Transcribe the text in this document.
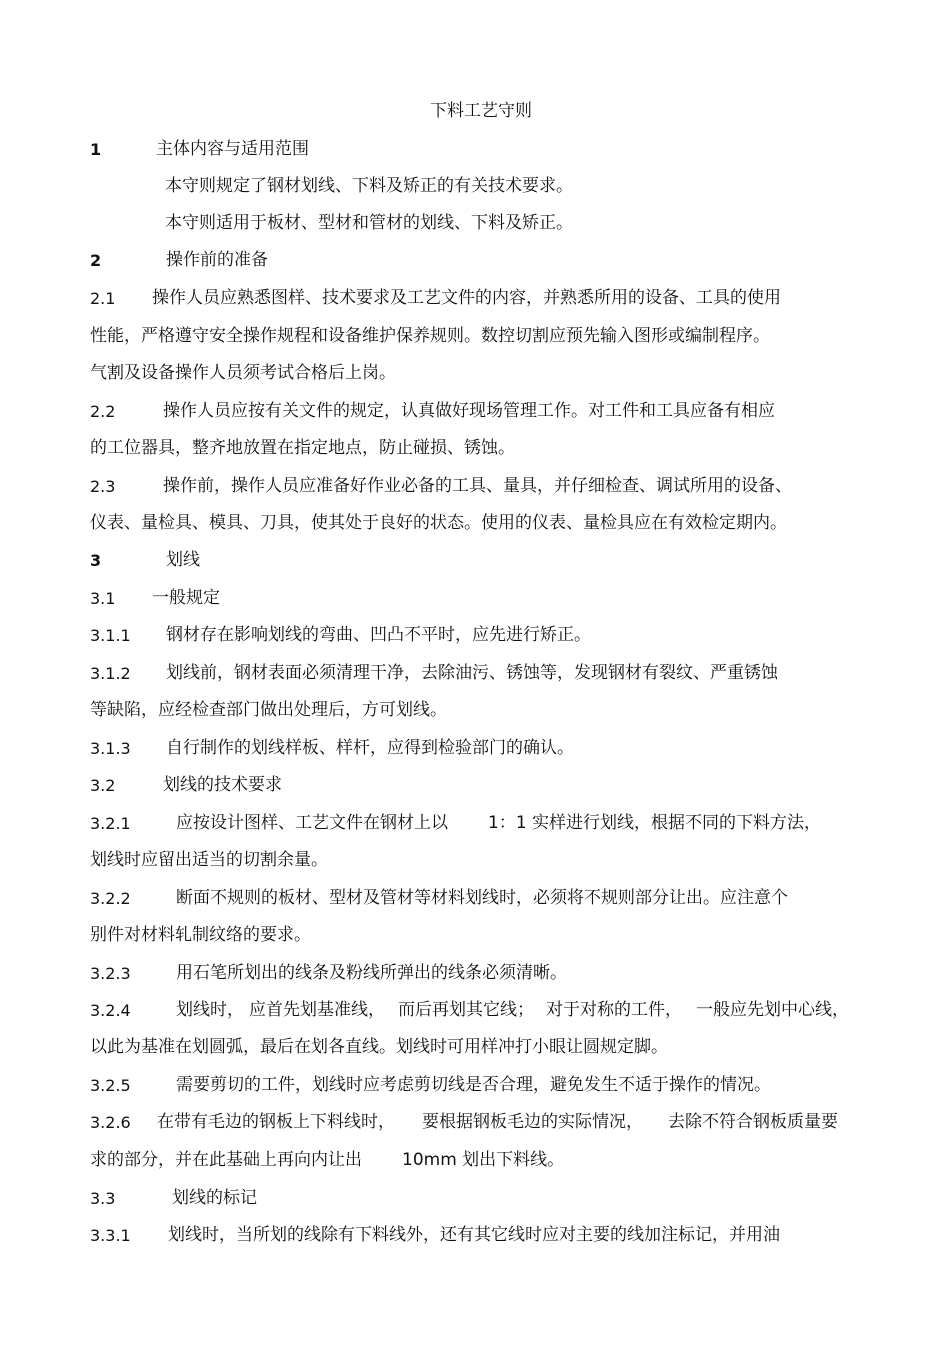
下料工艺守则
1	主体内容与适用范围
本守则规定了钢材划线、下料及矫正的有关技术要求。
本守则适用于板材、型材和管材的划线、下料及矫正。
2	操作前的准备
2.1 操作人员应熟悉图样、技术要求及工艺文件的内容，并熟悉所用的设备、工具的使用
性能，严格遵守安全操作规程和设备维护保养规则。数控切割应预先输入图形或编制程序。
气割及设备操作人员须考试合格后上岗。
2.2	操作人员应按有关文件的规定，认真做好现场管理工作。对工件和工具应备有相应
的工位器具，整齐地放置在指定地点，防止碰损、锈蚀。
2.3	操作前，操作人员应准备好作业必备的工具、量具，并仔细检查、调试所用的设备、
仪表、量检具、模具、刀具，使其处于良好的状态。使用的仪表、量检具应在有效检定期内。
3	划线
3.1 一般规定
3.1.1 钢材存在影响划线的弯曲、凹凸不平时，应先进行矫正。
3.1.2 划线前，钢材表面必须清理干净，去除油污、锈蚀等，发现钢材有裂纹、严重锈蚀
等缺陷，应经检查部门做出处理后，方可划线。
3.1.3 自行制作的划线样板、样杆，应得到检验部门的确认。
3.2	划线的技术要求
3.2.1	应按设计图样、工艺文件在钢材上以 1：1 实样进行划线，根据不同的下料方法，
划线时应留出适当的切割余量。
3.2.2	断面不规则的板材、型材及管材等材料划线时，必须将不规则部分让出。应注意个
别件对材料轧制纹络的要求。
3.2.3	用石笔所划出的线条及粉线所弹出的线条必须清晰。
3.2.4	划线时， 应首先划基准线， 而后再划其它线； 对于对称的工件， 一般应先划中心线，
以此为基准在划圆弧，最后在划各直线。划线时可用样冲打小眼让圆规定脚。
3.2.5	需要剪切的工件，划线时应考虑剪切线是否合理，避免发生不适于操作的情况。
3.2.6 在带有毛边的钢板上下料线时， 要根据钢板毛边的实际情况， 去除不符合钢板质量要
求的部分，并在此基础上再向内让出 10mm 划出下料线。
3.3	划线的标记
3.3.1 划线时，当所划的线除有下料线外，还有其它线时应对主要的线加注标记，并用油
